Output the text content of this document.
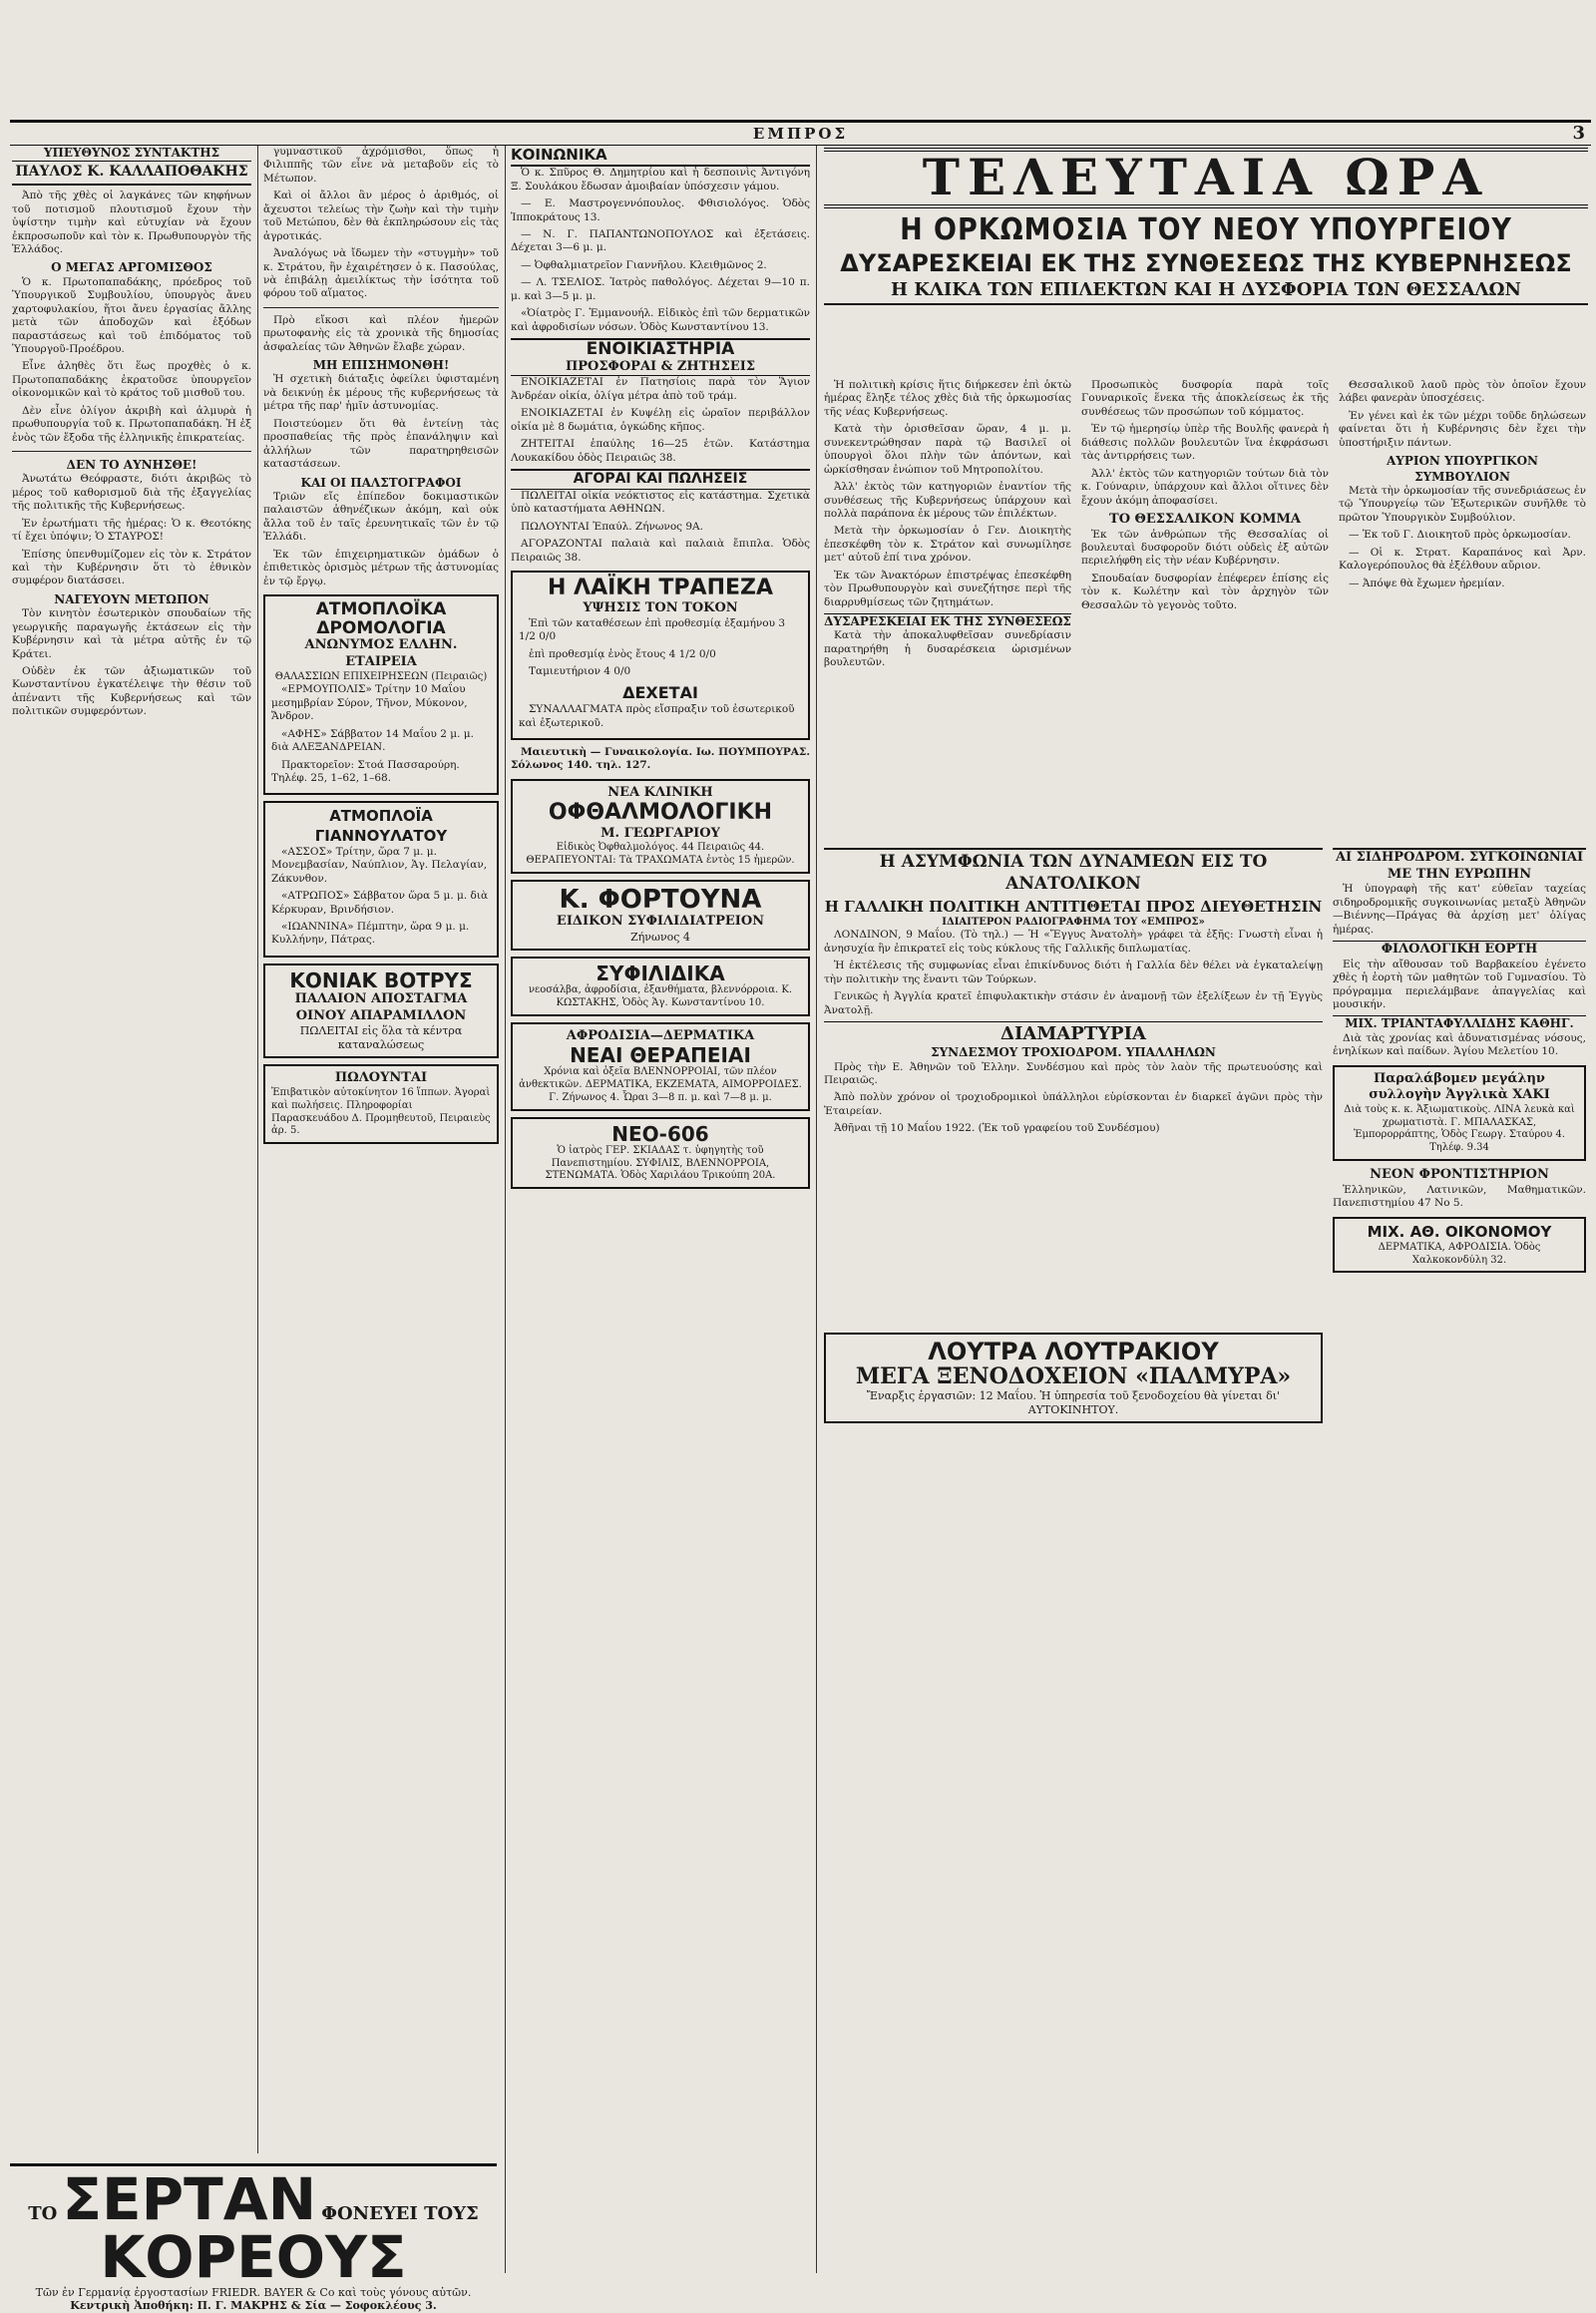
ΕΜΠΡΟΣ	3
ΥΠΕΥΘΥΝΟΣ ΣΥΝΤΑΚΤΗΣ
ΠΑΥΛΟΣ Κ. ΚΑΛΛΑΠΟΘΑΚΗΣ

Ἀπὸ τῆς χθὲς οἱ λαγκάνες τῶν κηφήνων τοῦ ποτισμοῦ πλουτισμοῦ ἔχουν τὴν ὑψίστην τιμὴν καὶ εὐτυχίαν νὰ ἔχουν ἐκπροσωποῦν καὶ τὸν κ. Πρωθυπουργὸν τῆς Ἑλλάδος.

Ο ΜΕΓΑΣ ΑΡΓΟΜΙΣΘΟΣ

Ὁ κ. Πρωτοπαπαδάκης, πρόεδρος τοῦ Ὑπουργικοῦ Συμβουλίου, ὑπουργὸς ἄνευ χαρτοφυλακίου, ἥτοι ἄνευ ἐργασίας ἄλλης μετὰ τῶν ἀποδοχῶν καὶ ἐξόδων παραστάσεως καὶ τοῦ ἐπιδόματος τοῦ Ὑπουργοῦ-Προέδρου.

Εἶνε ἀληθὲς ὅτι ἕως προχθὲς ὁ κ. Πρωτοπαπαδάκης ἐκρατοῦσε ὑπουργεῖον οἰκονομικῶν καὶ τὸ κράτος τοῦ μισθοῦ του.

Δὲν εἶνε ὀλίγον ἀκριβὴ καὶ ἀλμυρὰ ἡ πρωθυπουργία τοῦ κ. Πρωτοπαπαδάκη. Ἡ ἐξ ἐνὸς τῶν ἔξοδα τῆς ἐλληνικῆς ἐπικρατείας.

ΔΕΝ ΤΟ ΑΥΝΗΣΘΕ!

Ἀνωτάτω Θεόφραστε, διότι ἀκριβῶς τὸ μέρος τοῦ καθορισμοῦ διὰ τῆς ἐξαγγελίας τῆς πολιτικῆς τῆς Κυβερνήσεως.

Ἐν ἐρωτήματι τῆς ἡμέρας: Ὁ κ. Θεοτόκης τί ἔχει ὑπόψιν; Ὁ ΣΤΑΥΡΟΣ!

Ἐπίσης ὑπενθυμίζομεν εἰς τὸν κ. Στράτον καὶ τὴν Κυβέρνησιν ὅτι τὸ ἐθνικὸν συμφέρον διατάσσει.

ΝΑΓΕΥΟΥΝ ΜΕΤΩΠΟΝ

Τὸν κινητὸν ἐσωτερικὸν σπουδαίων τῆς γεωργικῆς παραγωγῆς ἐκτάσεων εἰς τὴν Κυβέρνησιν καὶ τὰ μέτρα αὐτῆς ἐν τῷ Κράτει.

Οὐδὲν ἐκ τῶν ἀξιωματικῶν τοῦ Κωνσταντίνου ἐγκατέλειψε τὴν θέσιν τοῦ ἀπέναντι τῆς Κυβερνήσεως καὶ τῶν πολιτικῶν συμφερόντων.

γυμναστικοῦ ἀχρόμισθοι, ὅπως ἡ Φιλιππῆς τῶν εἶνε νὰ μεταβοῦν εἰς τὸ Μέτωπον.

Καὶ οἱ ἄλλοι ἂν μέρος ὁ ἀριθμός, οἱ ἄχευστοι τελείως τὴν ζωὴν καὶ τὴν τιμὴν τοῦ Μετώπου, δὲν θὰ ἐκπληρώσουν εἰς τὰς ἀγροτικάς.

Ἀναλόγως νὰ ἴδωμεν τὴν «στυγμὴν» τοῦ κ. Στράτου, ἣν ἐχαιρέτησεν ὁ κ. Πασούλας, νὰ ἐπιβάλῃ ἀμειλίκτως τὴν ἰσότητα τοῦ φόρου τοῦ αἵματος.

Πρὸ εἴκοσι καὶ πλέον ἡμερῶν πρωτοφανὴς εἰς τὰ χρονικὰ τῆς δημοσίας ἀσφαλείας τῶν Ἀθηνῶν ἔλαβε χώραν.

ΜΗ ΕΠΙΣΗΜΟΝΘΗ!

Ἡ σχετικὴ διάταξις ὀφείλει ὑφισταμένη νὰ δεικνύῃ ἐκ μέρους τῆς κυβερνήσεως τὰ μέτρα τῆς παρ' ἡμῖν ἀστυνομίας.

Ποιστεύομεν ὅτι θὰ ἐντείνῃ τὰς προσπαθείας τῆς πρὸς ἐπανάληψιν καὶ ἀλλήλων τῶν παρατηρηθεισῶν καταστάσεων.

ΚΑΙ ΟΙ ΠΑΛΣΤΟΓΡΑΦΟΙ

Τριῶν εἴς ἐπίπεδον δοκιμαστικῶν παλαιστῶν ἀθηνέζικων ἀκόμη, καὶ οὐκ ἄλλα τοῦ ἐν ταῖς ἐρευνητικαῖς τῶν ἐν τῷ Ἐλλάδι.

Ἐκ τῶν ἐπιχειρηματικῶν ὁμάδων ὁ ἐπιθετικὸς ὁρισμὸς μέτρων τῆς ἀστυνομίας ἐν τῷ ἔργῳ.

ΑΤΜΟΠΛΟΪΚΑ ΔΡΟΜΟΛΟΓΙΑ
ΑΝΩΝΥΜΟΣ ΕΛΛΗΝ. ΕΤΑΙΡΕΙΑ
ΘΑΛΑΣΣΙΩΝ ΕΠΙΧΕΙΡΗΣΕΩΝ (Πειραιῶς)

«ΕΡΜΟΥΠΟΛΙΣ» Τρίτην 10 Μαΐου μεσημβρίαν Σύρον, Τῆνον, Μύκονον, Ἄνδρον.

«ΑΦΗΣ» Σάββατον 14 Μαΐου 2 μ. μ. διὰ ΑΛΕΞΑΝΔΡΕΙΑΝ.

Πρακτορεῖον: Στοά Πασσαρούρη. Τηλέφ. 25, 1–62, 1–68.

ΑΤΜΟΠΛΟΪΑ ΓΙΑΝΝΟΥΛΑΤΟΥ

«ΑΣΣΟΣ» Τρίτην, ὥρα 7 μ. μ. Μονεμβασίαν, Ναύπλιον, Ἁγ. Πελαγίαν, Ζάκυνθον.

«ΑΤΡΩΠΟΣ» Σάββατον ὥρα 5 μ. μ. διὰ Κέρκυραν, Βρινδήσιον.

«ΙΩΑΝΝΙΝΑ» Πέμπτην, ὥρα 9 μ. μ. Κυλλήνην, Πάτρας.

ΚΟΝΙΑΚ ΒΟΤΡΥΣ
ΠΑΛΑΙΟΝ ΑΠΟΣΤΑΓΜΑ ΟΙΝΟΥ ΑΠΑΡΑΜΙΛΛΟΝ
ΠΩΛΕΙΤΑΙ εἰς ὅλα τὰ κέντρα καταναλώσεως
ΠΩΛΟΥΝΤΑΙ
Ἐπιβατικὸν αὐτοκίνητον 16 ἵππων. Ἀγοραὶ καὶ πωλήσεις. Πληροφορίαι Παρασκευάδου Δ. Προμηθευτοῦ, Πειραιεὺς ἀρ. 5.
ΚΟΙΝΩΝΙΚΑ

Ὁ κ. Σπῦρος Θ. Δημητρίου καὶ ἡ δεσποινὶς Ἀντιγόνη Ξ. Σουλάκου ἔδωσαν ἀμοιβαίαν ὑπόσχεσιν γάμου.

— Ε. Μαστρογεννόπουλος. Φθισιολόγος. Ὁδὸς Ἱπποκράτους 13.

— Ν. Γ. ΠΑΠΑΝΤΩΝΟΠΟΥΛΟΣ καὶ ἐξετάσεις. Δέχεται 3—6 μ. μ.

— Ὀφθαλμιατρεῖον Γιαννῆλου. Κλειθμῶνος 2.

— Λ. ΤΣΕΛΙΟΣ. Ἰατρὸς παθολόγος. Δέχεται 9—10 π. μ. καὶ 3—5 μ. μ.

«Ὀίατρὸς Γ. Ἐμμανουήλ. Εἰδικὸς ἐπὶ τῶν δερματικῶν καὶ ἀφροδισίων νόσων. Ὁδὸς Κωνσταντίνου 13.

ΕΝΟΙΚΙΑΣΤΗΡΙΑ
ΠΡΟΣΦΟΡΑΙ & ΖΗΤΗΣΕΙΣ

ΕΝΟΙΚΙΑΖΕΤΑΙ ἐν Πατησίοις παρὰ τὸν Ἅγιον Ἀνδρέαν οἰκία, ὀλίγα μέτρα ἀπὸ τοῦ τράμ.

ΕΝΟΙΚΙΑΖΕΤΑΙ ἐν Κυψέλῃ εἰς ὡραῖον περιβάλλον οἰκία μὲ 8 δωμάτια, ὀγκώδης κῆπος.

ΖΗΤΕΙΤΑΙ ἐπαύλης 16—25 ἐτῶν. Κατάστημα Λουκακίδου ὁδὸς Πειραιῶς 38.

ΑΓΟΡΑΙ ΚΑΙ ΠΩΛΗΣΕΙΣ

ΠΩΛΕΙΤΑΙ οἰκία νεόκτιστος εἰς κατάστημα. Σχετικὰ ὑπὸ καταστήματα ΑΘΗΝΩΝ.

ΠΩΛΟΥΝΤΑΙ Ἐπαύλ. Ζήνωνος 9Α.

ΑΓΟΡΑΖΟΝΤΑΙ παλαιὰ καὶ παλαιὰ ἔπιπλα. Ὁδὸς Πειραιῶς 38.

Η ΛΑΪΚΗ ΤΡΑΠΕΖΑ
ΥΨΗΣΙΣ ΤΟΝ ΤΟΚΟΝ

Ἐπὶ τῶν καταθέσεων ἐπὶ προθεσμίᾳ ἐξαμήνου 3 1/2 0/0

ἐπὶ προθεσμίᾳ ἐνὸς ἔτους 4 1/2 0/0

Ταμιευτήριον 4 0/0

ΔΕΧΕΤΑΙ

ΣΥΝΑΛΛΑΓΜΑΤΑ πρὸς εἴσπραξιν τοῦ ἐσωτερικοῦ καὶ ἐξωτερικοῦ.

Μαιευτικὴ — Γυναικολογία. Ιω. ΠΟΥΜΠΟΥΡΑΣ. Σόλωνος 140. τηλ. 127.

ΝΕΑ ΚΛΙΝΙΚΗ
ΟΦΘΑΛΜΟΛΟΓΙΚΗ
Μ. ΓΕΩΡΓΑΡΙΟΥ
Εἰδικὸς Ὀφθαλμολόγος. 44 Πειραιῶς 44. ΘΕΡΑΠΕΥΟΝΤΑΙ: Τὰ ΤΡΑΧΩΜΑΤΑ ἐντὸς 15 ἡμερῶν.
Κ. ΦΟΡΤΟΥΝΑ
ΕΙΔΙΚΟΝ ΣΥΦΙΛΙΔΙΑΤΡΕΙΟΝ
Ζήνωνος 4
ΣΥΦΙΛΙΔΙΚΑ
νεοσάλβα, ἀφροδίσια, ἐξανθήματα, βλεννόρροια. Κ. ΚΩΣΤΑΚΗΣ, Ὁδὸς Ἁγ. Κωνσταντίνου 10.
ΑΦΡΟΔΙΣΙΑ—ΔΕΡΜΑΤΙΚΑ
ΝΕΑΙ ΘΕΡΑΠΕΙΑΙ
Χρόνια καὶ ὀξεῖα ΒΛΕΝΝΟΡΡΟΙΑΙ, τῶν πλέον ἀνθεκτικῶν. ΔΕΡΜΑΤΙΚΑ, ΕΚΖΕΜΑΤΑ, ΑΙΜΟΡΡΟΙΔΕΣ. Γ. Ζήνωνος 4. Ὧραι 3—8 π. μ. καὶ 7—8 μ. μ.
ΝΕΟ-606
Ὁ ἰατρὸς ΓΕΡ. ΣΚΙΑΔΑΣ τ. ὑφηγητὴς τοῦ Πανεπιστημίου. ΣΥΦΙΛΙΣ, ΒΛΕΝΝΟΡΡΟΙΑ, ΣΤΕΝΩΜΑΤΑ. Ὁδὸς Χαριλάου Τρικούπη 20Α.
ΤΕΛΕΥΤΑΙΑ ΩΡΑ
Η ΟΡΚΩΜΟΣΙΑ ΤΟΥ ΝΕΟΥ ΥΠΟΥΡΓΕΙΟΥ
ΔΥΣΑΡΕΣΚΕΙΑΙ ΕΚ ΤΗΣ ΣΥΝΘΕΣΕΩΣ ΤΗΣ ΚΥΒΕΡΝΗΣΕΩΣ
Η ΚΛΙΚΑ ΤΩΝ ΕΠΙΛΕΚΤΩΝ ΚΑΙ Η ΔΥΣΦΟΡΙΑ ΤΩΝ ΘΕΣΣΑΛΩΝ

Ἡ πολιτικὴ κρίσις ἥτις διήρκεσεν ἐπὶ ὀκτὼ ἡμέρας ἔληξε τέλος χθὲς διὰ τῆς ὁρκωμοσίας τῆς νέας Κυβερνήσεως.

Κατὰ τὴν ὁρισθεῖσαν ὥραν, 4 μ. μ. συνεκεντρώθησαν παρὰ τῷ Βασιλεῖ οἱ ὑπουργοὶ ὅλοι πλὴν τῶν ἀπόντων, καὶ ὡρκίσθησαν ἐνώπιον τοῦ Μητροπολίτου.

Ἀλλ' ἐκτὸς τῶν κατηγοριῶν ἐναντίον τῆς συνθέσεως τῆς Κυβερνήσεως ὑπάρχουν καὶ πολλὰ παράπονα ἐκ μέρους τῶν ἐπιλέκτων.

Μετὰ τὴν ὁρκωμοσίαν ὁ Γεν. Διοικητὴς ἐπεσκέφθη τὸν κ. Στράτον καὶ συνωμίλησε μετ' αὐτοῦ ἐπί τινα χρόνον.

Ἐκ τῶν Ἀνακτόρων ἐπιστρέψας ἐπεσκέφθη τὸν Πρωθυπουργὸν καὶ συνεζήτησε περὶ τῆς διαρρυθμίσεως τῶν ζητημάτων.

ΔΥΣΑΡΕΣΚΕΙΑΙ ΕΚ ΤΗΣ ΣΥΝΘΕΣΕΩΣ

Κατὰ τὴν ἀποκαλυφθεῖσαν συνεδρίασιν παρατηρήθη ἡ δυσαρέσκεια ὡρισμένων βουλευτῶν.

Προσωπικὸς δυσφορία παρὰ τοῖς Γουναρικοῖς ἕνεκα τῆς ἀποκλείσεως ἐκ τῆς συνθέσεως τῶν προσώπων τοῦ κόμματος.

Ἐν τῷ ἡμερησίῳ ὑπὲρ τῆς Βουλῆς φανερὰ ἡ διάθεσις πολλῶν βουλευτῶν ἵνα ἐκφράσωσι τὰς ἀντιρρήσεις των.

Ἀλλ' ἐκτὸς τῶν κατηγοριῶν τούτων διὰ τὸν κ. Γούναριν, ὑπάρχουν καὶ ἄλλοι οἵτινες δὲν ἔχουν ἀκόμη ἀποφασίσει.

ΤΟ ΘΕΣΣΑΛΙΚΟΝ ΚΟΜΜΑ

Ἐκ τῶν ἀνθρώπων τῆς Θεσσαλίας οἱ βουλευταὶ δυσφοροῦν διότι οὐδεὶς ἐξ αὐτῶν περιελήφθη εἰς τὴν νέαν Κυβέρνησιν.

Σπουδαίαν δυσφορίαν ἐπέφερεν ἐπίσης εἰς τὸν κ. Κωλέτην καὶ τὸν ἀρχηγὸν τῶν Θεσσαλῶν τὸ γεγονὸς τοῦτο.

Θεσσαλικοῦ λαοῦ πρὸς τὸν ὁποῖον ἔχουν λάβει φανερὰν ὑποσχέσεις.

Ἐν γένει καὶ ἐκ τῶν μέχρι τοῦδε δηλώσεων φαίνεται ὅτι ἡ Κυβέρνησις δὲν ἔχει τὴν ὑποστήριξιν πάντων.

ΑΥΡΙΟΝ ΥΠΟΥΡΓΙΚΟΝ ΣΥΜΒΟΥΛΙΟΝ

Μετὰ τὴν ὁρκωμοσίαν τῆς συνεδριάσεως ἐν τῷ Ὑπουργείῳ τῶν Ἐξωτερικῶν συνῆλθε τὸ πρῶτον Ὑπουργικὸν Συμβούλιον.

— Ἐκ τοῦ Γ. Διοικητοῦ πρὸς ὁρκωμοσίαν.

— Οἱ κ. Στρατ. Καραπάνος καὶ Ἀρν. Καλογερόπουλος θὰ ἐξέλθουν αὔριον.

— Ἀπόψε θὰ ἔχωμεν ἠρεμίαν.

Η ΑΣΥΜΦΩΝΙΑ ΤΩΝ ΔΥΝΑΜΕΩΝ ΕΙΣ ΤΟ ΑΝΑΤΟΛΙΚΟΝ
Η ΓΑΛΛΙΚΗ ΠΟΛΙΤΙΚΗ ΑΝΤΙΤΙΘΕΤΑΙ ΠΡΟΣ ΔΙΕΥΘΕΤΗΣΙΝ
ΙΔΙΑΙΤΕΡΟΝ ΡΑΔΙΟΓΡΑΦΗΜΑ ΤΟΥ «ΕΜΠΡΟΣ»

ΛΟΝΔΙΝΟΝ, 9 Μαΐου. (Τὸ τηλ.) — Ἡ «Ἔγγυς Ἀνατολὴ» γράφει τὰ ἑξῆς: Γνωστὴ εἶναι ἡ ἀνησυχία ἣν ἐπικρατεῖ εἰς τοὺς κύκλους τῆς Γαλλικῆς διπλωματίας.

Ἡ ἐκτέλεσις τῆς συμφωνίας εἶναι ἐπικίνδυνος διότι ἡ Γαλλία δὲν θέλει νὰ ἐγκαταλείψῃ τὴν πολιτικὴν της ἔναντι τῶν Τούρκων.

Γενικῶς ἡ Ἀγγλία κρατεῖ ἐπιφυλακτικὴν στάσιν ἐν ἀναμονῇ τῶν ἐξελίξεων ἐν τῇ Ἐγγὺς Ἀνατολῇ.

ΔΙΑΜΑΡΤΥΡΙΑ
ΣΥΝΔΕΣΜΟΥ ΤΡΟΧΙΟΔΡΟΜ. ΥΠΑΛΛΗΛΩΝ

Πρὸς τὴν Ε. Ἀθηνῶν τοῦ Ἑλλην. Συνδέσμου καὶ πρὸς τὸν λαὸν τῆς πρωτευούσης καὶ Πειραιῶς.

Ἀπὸ πολὺν χρόνον οἱ τροχιοδρομικοὶ ὑπάλληλοι εὑρίσκονται ἐν διαρκεῖ ἀγῶνι πρὸς τὴν Ἑταιρείαν.

Ἀθῆναι τῇ 10 Μαΐου 1922. (Ἐκ τοῦ γραφείου τοῦ Συνδέσμου)

ΑΙ ΣΙΔΗΡΟΔΡΟΜ. ΣΥΓΚΟΙΝΩΝΙΑΙ ΜΕ ΤΗΝ ΕΥΡΩΠΗΝ

Ἡ ὑπογραφὴ τῆς κατ' εὐθεῖαν ταχείας σιδηροδρομικῆς συγκοινωνίας μεταξὺ Ἀθηνῶν—Βιέννης—Πράγας θὰ ἀρχίσῃ μετ' ὀλίγας ἡμέρας.

ΦΙΛΟΛΟΓΙΚΗ ΕΟΡΤΗ

Εἰς τὴν αἴθουσαν τοῦ Βαρβακείου ἐγένετο χθὲς ἡ ἑορτὴ τῶν μαθητῶν τοῦ Γυμνασίου. Τὸ πρόγραμμα περιελάμβανε ἀπαγγελίας καὶ μουσικήν.

ΜΙΧ. ΤΡΙΑΝΤΑΦΥΛΛΙΔΗΣ ΚΑΘΗΓ.

Διὰ τὰς χρονίας καὶ ἀδυνατισμένας νόσους, ἐνηλίκων καὶ παίδων. Ἁγίου Μελετίου 10.

Παραλάβομεν μεγάλην συλλογὴν Ἀγγλικὰ ΧΑΚΙ
Διὰ τοὺς κ. κ. Ἀξιωματικοὺς. ΛΙΝΑ λευκὰ καὶ χρωματιστὰ. Γ. ΜΠΑΛΑΣΚΑΣ, Ἐμπορορράπτης, Ὁδὸς Γεωργ. Σταύρου 4. Τηλέφ. 9.34
ΝΕΟΝ ΦΡΟΝΤΙΣΤΗΡΙΟΝ

Ἑλληνικῶν, Λατινικῶν, Μαθηματικῶν. Πανεπιστημίου 47 No 5.

ΜΙΧ. ΑΘ. ΟΙΚΟΝΟΜΟΥ
ΔΕΡΜΑΤΙΚΑ, ΑΦΡΟΔΙΣΙΑ. Ὁδὸς Χαλκοκονδύλη 32.
ΛΟΥΤΡΑ ΛΟΥΤΡΑΚΙΟΥ
ΜΕΓΑ ΞΕΝΟΔΟΧΕΙΟΝ «ΠΑΛΜΥΡΑ»
Ἔναρξις ἐργασιῶν: 12 Μαΐου. Ἡ ὑπηρεσία τοῦ ξενοδοχείου θὰ γίνεται δι' ΑΥΤΟΚΙΝΗΤΟΥ.
ΤΟ ΣΕΡΤΑΝ ΦΟΝΕΥΕΙ ΤΟΥΣ ΚΟΡΕΟΥΣ
Τῶν ἐν Γερμανίᾳ ἐργοστασίων FRIEDR. BAYER & Co καὶ τοὺς γόνους αὐτῶν.
Κεντρικὴ Ἀποθήκη: Π. Γ. ΜΑΚΡΗΣ & Σία — Σοφοκλέους 3.
